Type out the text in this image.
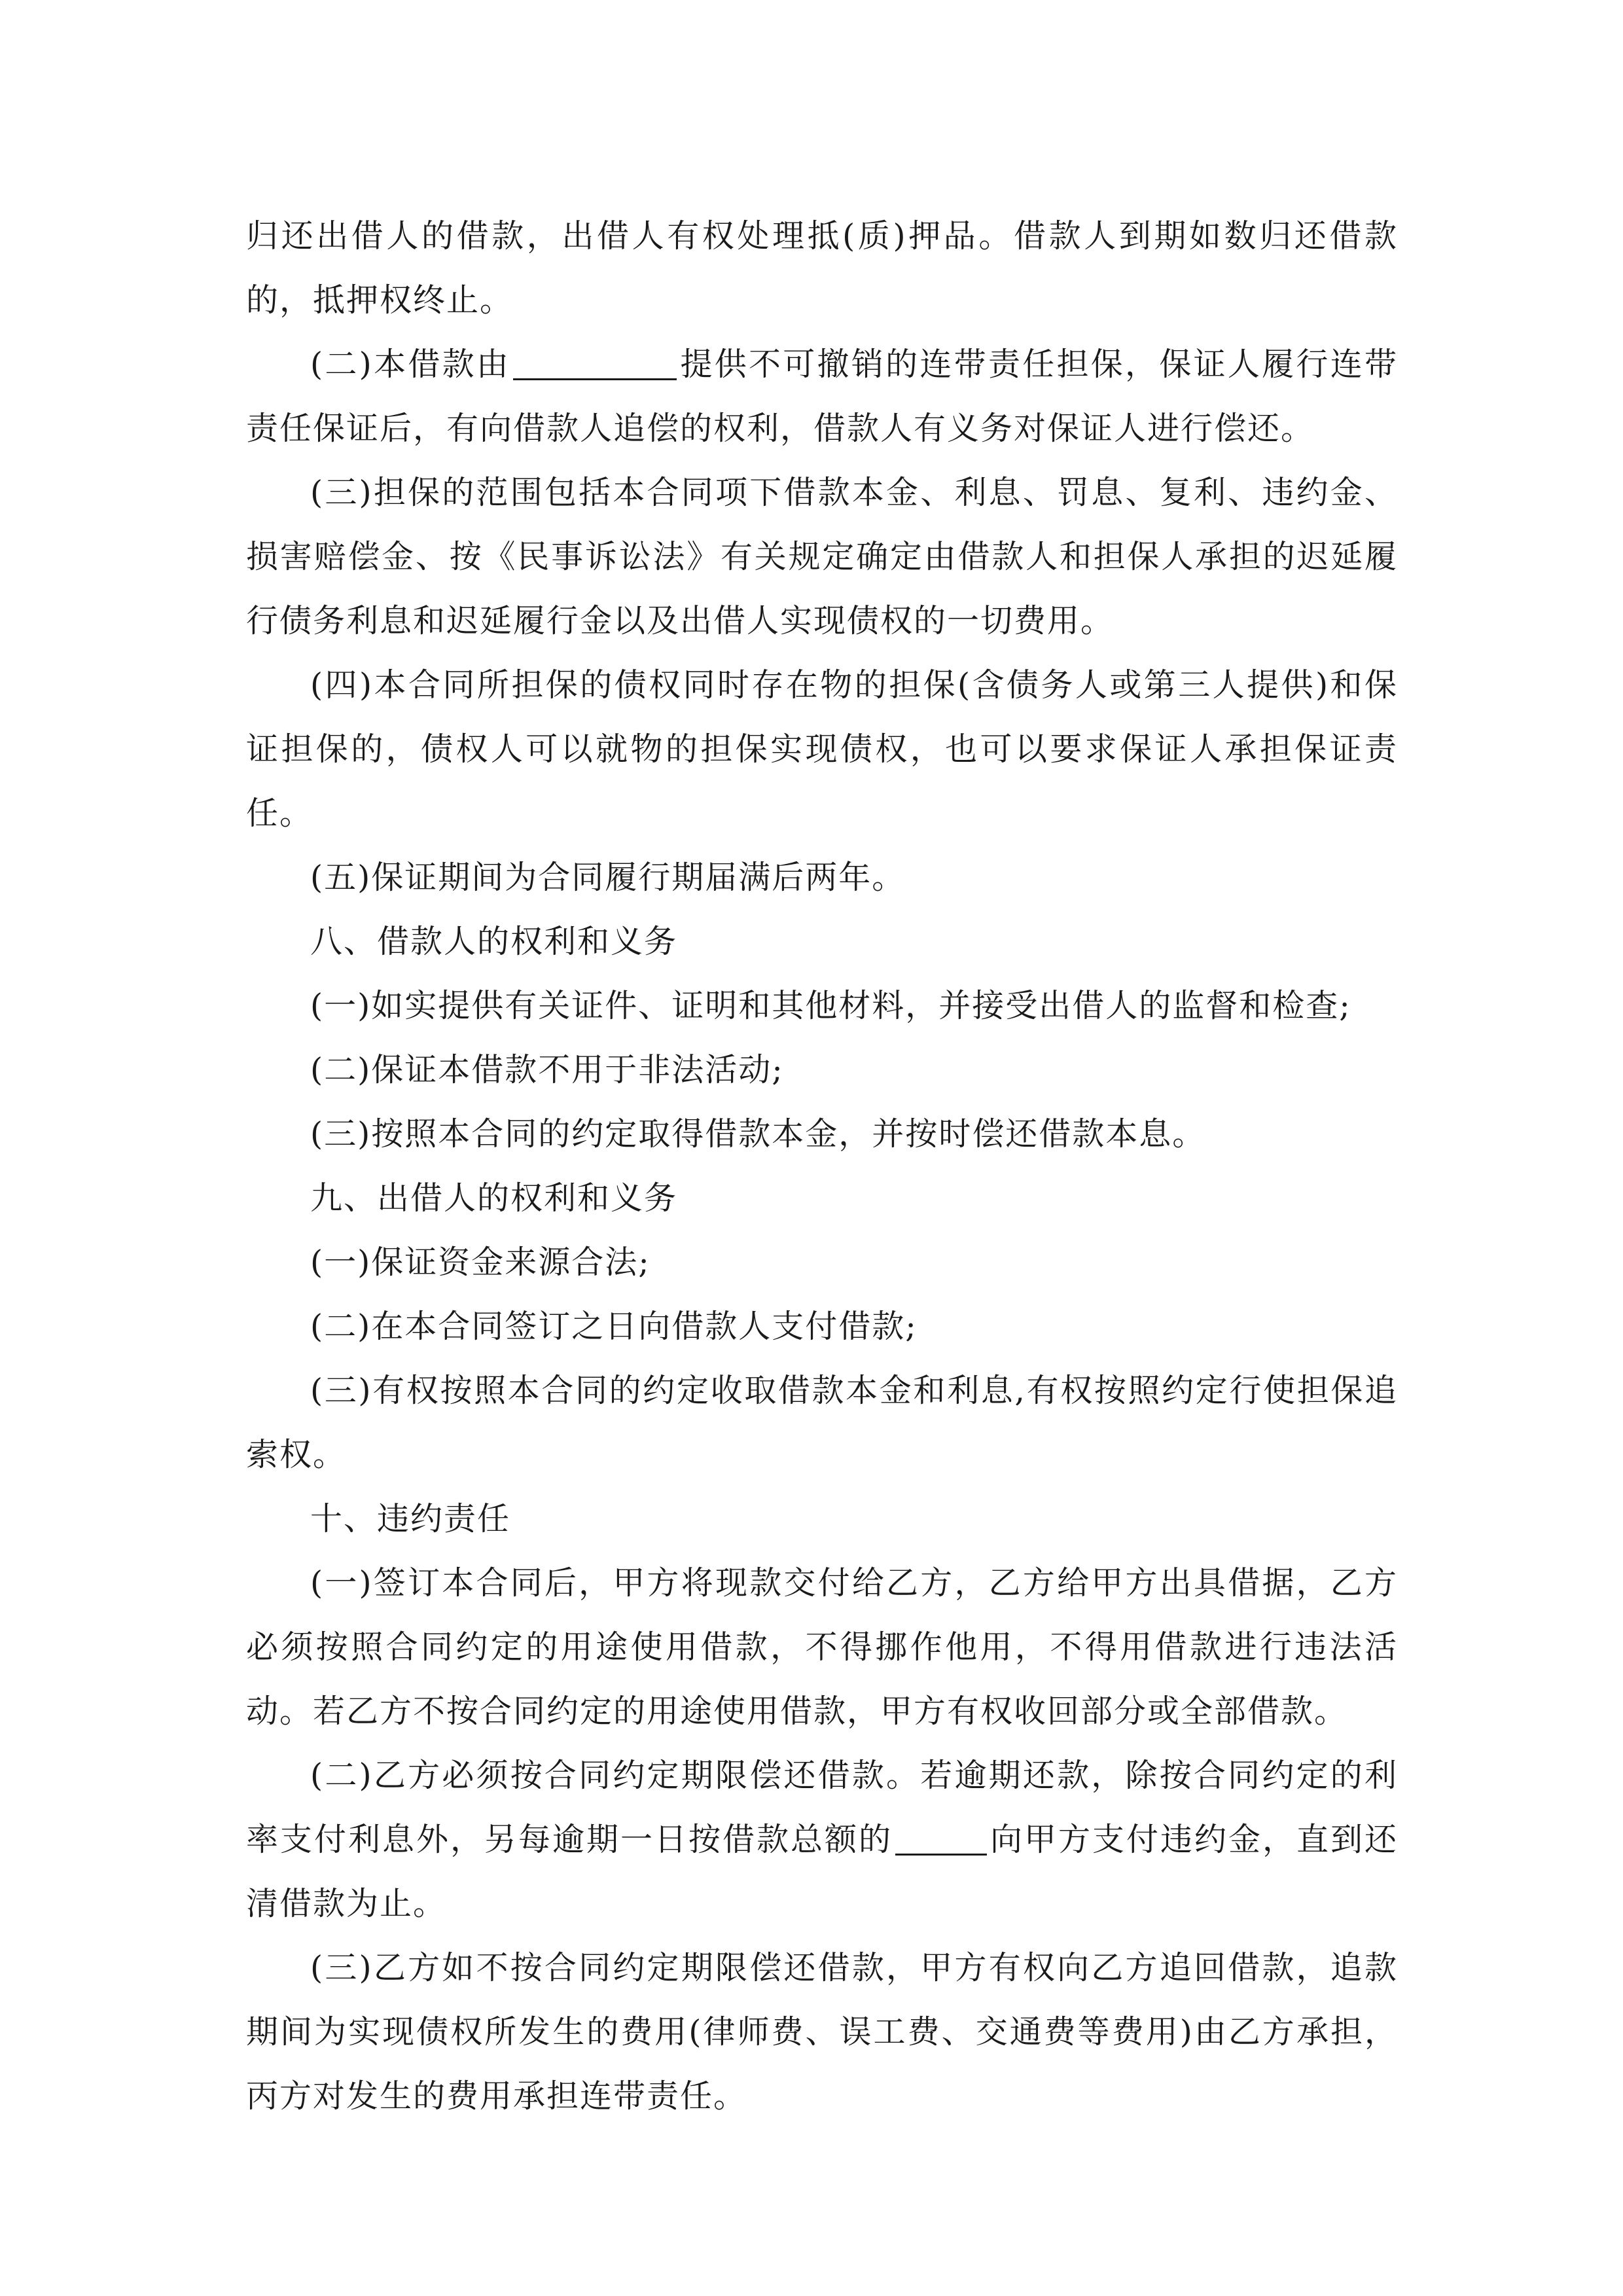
归还出借人的借款，出借人有权处理抵(质)押品。借款人到期如数归还借款的，抵押权终止。

(二)本借款由	提供不可撤销的连带责任担保，保证人履行连带责任保证后，有向借款人追偿的权利，借款人有义务对保证人进行偿还。

(三)担保的范围包括本合同项下借款本金、利息、罚息、复利、违约金、损害赔偿金、按《民事诉讼法》有关规定确定由借款人和担保人承担的迟延履行债务利息和迟延履行金以及出借人实现债权的一切费用。

(四)本合同所担保的债权同时存在物的担保(含债务人或第三人提供)和保证担保的，债权人可以就物的担保实现债权，也可以要求保证人承担保证责任。

(五)保证期间为合同履行期届满后两年。

八、借款人的权利和义务

(一)如实提供有关证件、证明和其他材料，并接受出借人的监督和检查;

(二)保证本借款不用于非法活动;

(三)按照本合同的约定取得借款本金，并按时偿还借款本息。

九、出借人的权利和义务

(一)保证资金来源合法;

(二)在本合同签订之日向借款人支付借款;

(三)有权按照本合同的约定收取借款本金和利息,有权按照约定行使担保追索权。

十、违约责任

(一)签订本合同后，甲方将现款交付给乙方，乙方给甲方出具借据，乙方必须按照合同约定的用途使用借款，不得挪作他用，不得用借款进行违法活动。若乙方不按合同约定的用途使用借款，甲方有权收回部分或全部借款。

(二)乙方必须按合同约定期限偿还借款。若逾期还款，除按合同约定的利率支付利息外，另每逾期一日按借款总额的	向甲方支付违约金，直到还清借款为止。

(三)乙方如不按合同约定期限偿还借款，甲方有权向乙方追回借款，追款期间为实现债权所发生的费用(律师费、误工费、交通费等费用)由乙方承担，丙方对发生的费用承担连带责任。
